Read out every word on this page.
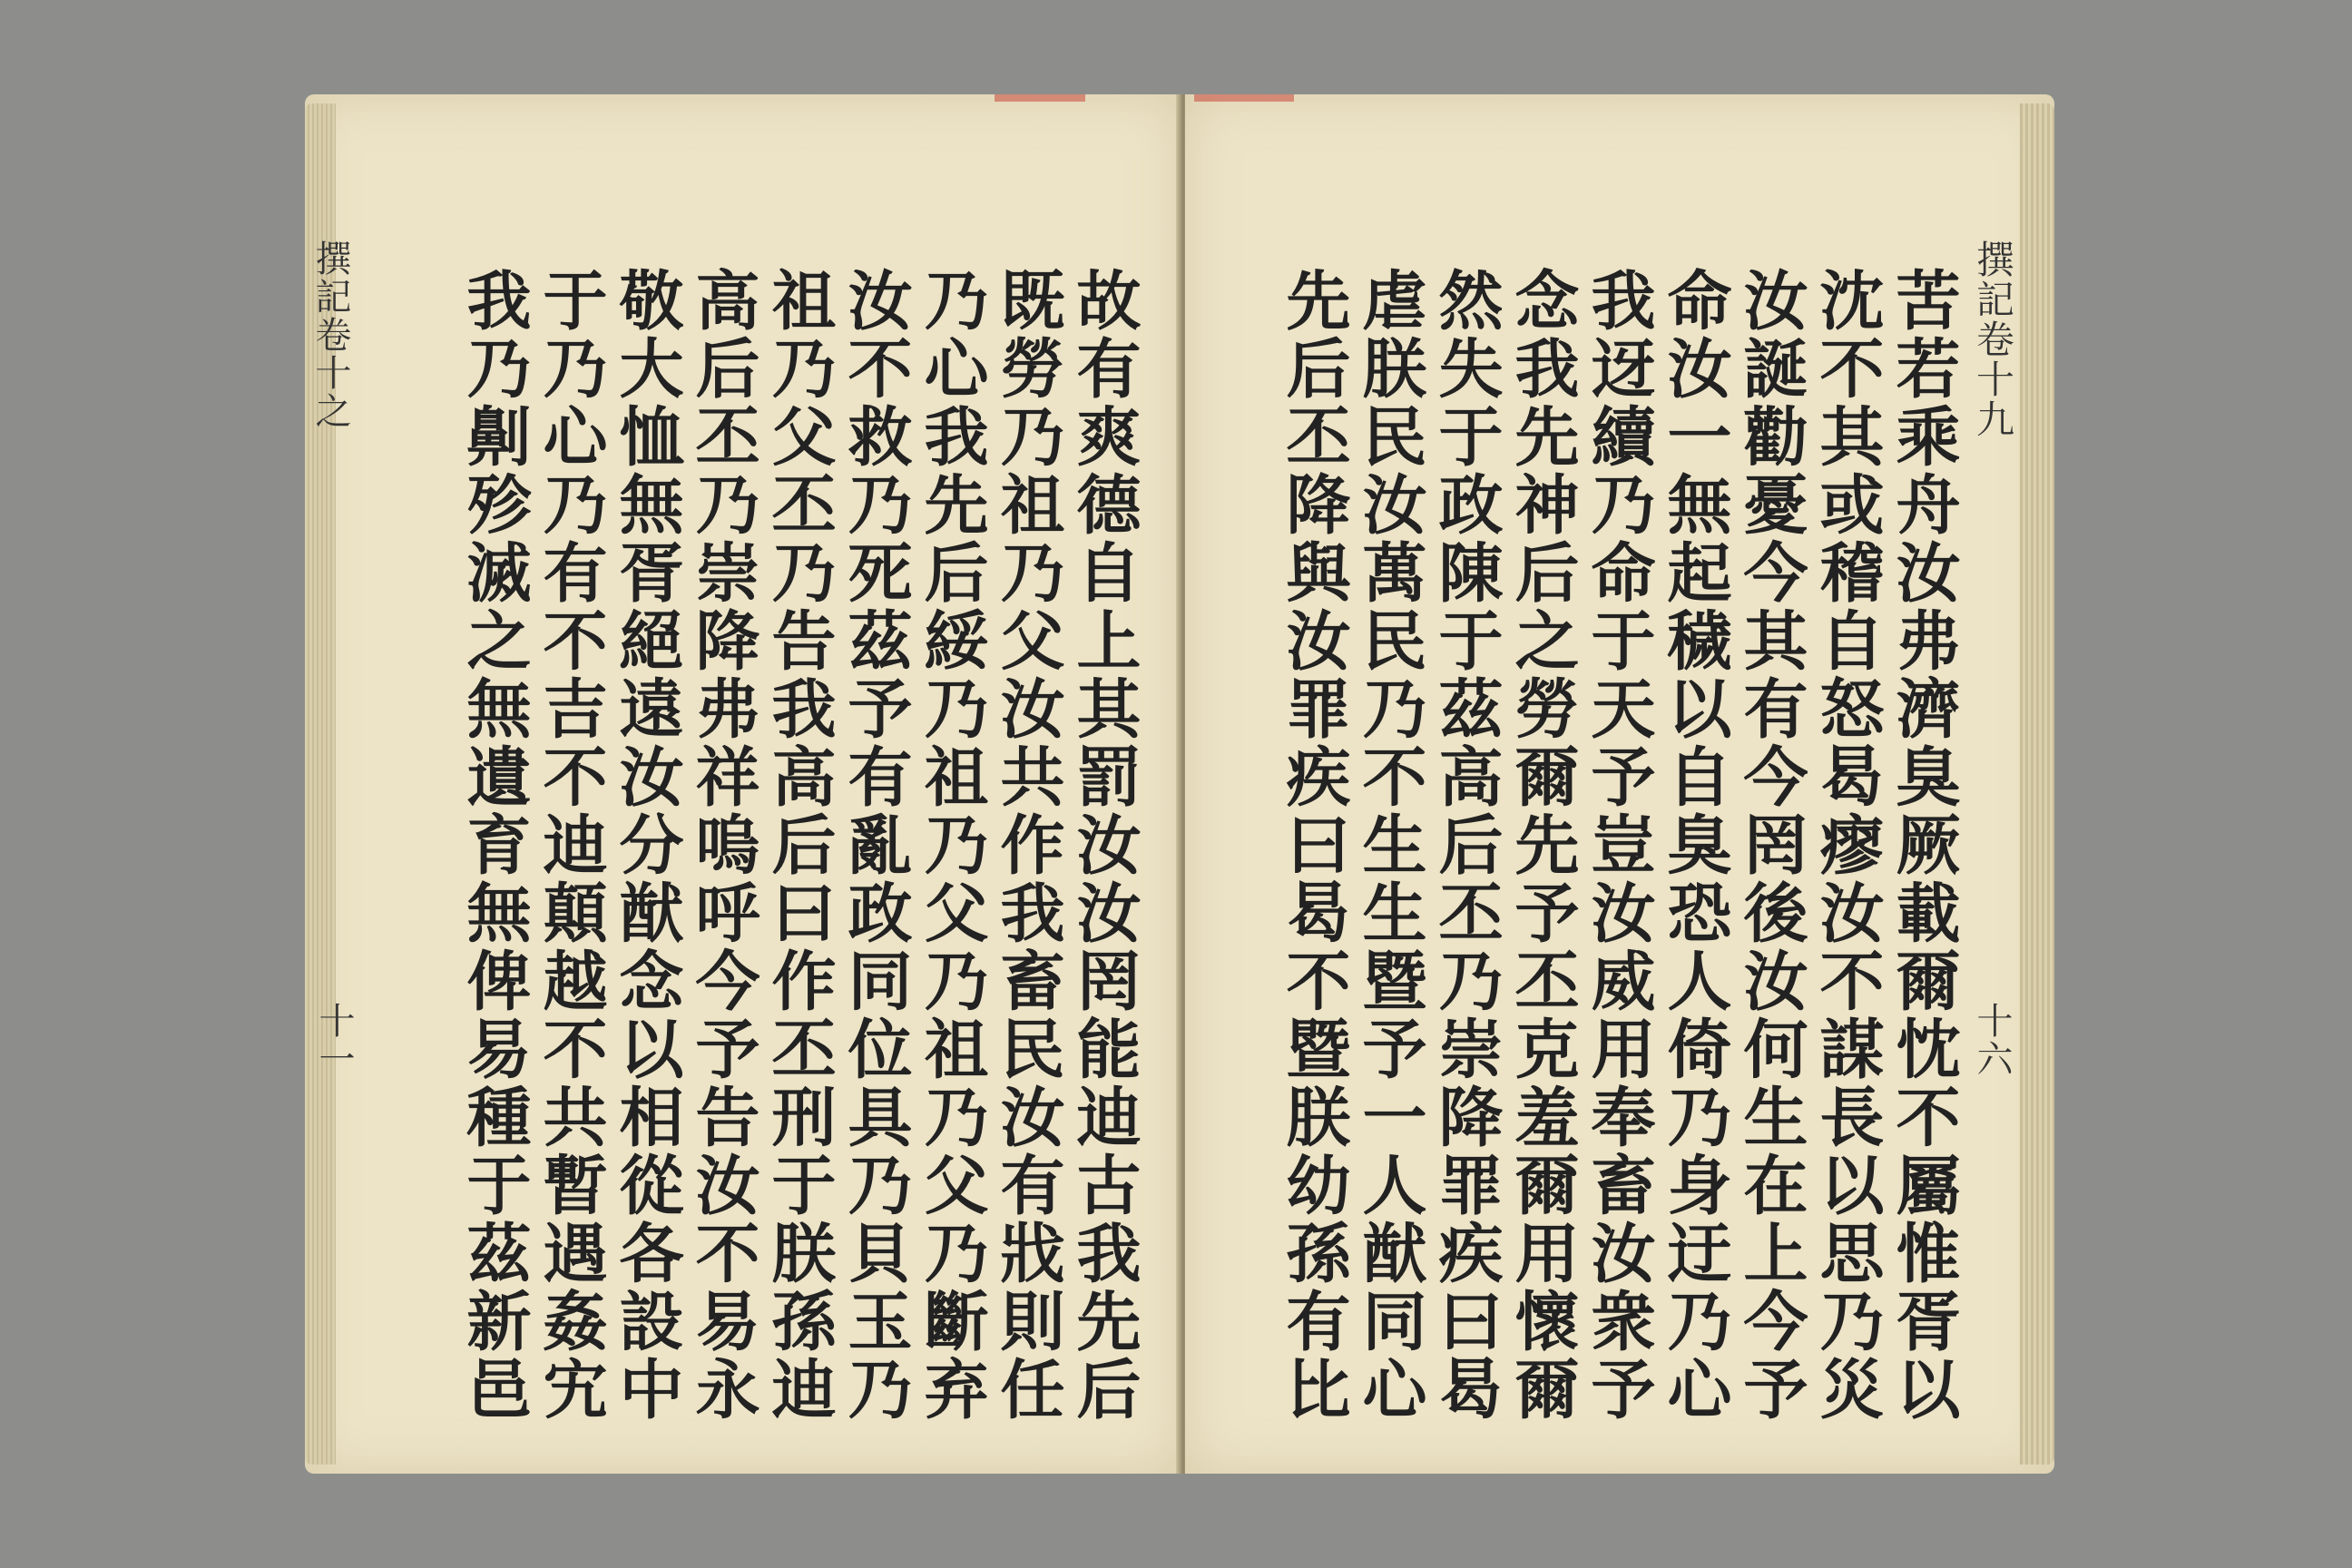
撰記卷十之
十一	故有爽德自上其罰汝汝罔能迪古我先后
既勞乃祖乃父汝共作我畜民汝有戕則任
乃心我先后綏乃祖乃父乃祖乃父乃斷弃
汝不救乃死茲予有亂政同位具乃貝玉乃
祖乃父丕乃告我高后曰作丕刑于朕孫迪
高后丕乃崇降弗祥嗚呼今予告汝不易永
敬大恤無胥絕遠汝分猷念以相從各設中
于乃心乃有不吉不迪顛越不共暫遇姦宄
我乃劓殄滅之無遺育無俾易種于茲新邑	撰記卷十九
十六
苦若乘舟汝弗濟臭厥載爾忱不屬惟胥以
沈不其或稽自怒曷瘳汝不謀長以思乃災
汝誕勸憂今其有今罔後汝何生在上今予
命汝一無起穢以自臭恐人倚乃身迂乃心
我迓續乃命于天予豈汝威用奉畜汝衆予
念我先神后之勞爾先予丕克羞爾用懷爾
然失于政陳于茲高后丕乃崇降罪疾曰曷
虐朕民汝萬民乃不生生暨予一人猷同心
先后丕降與汝罪疾曰曷不暨朕幼孫有比
